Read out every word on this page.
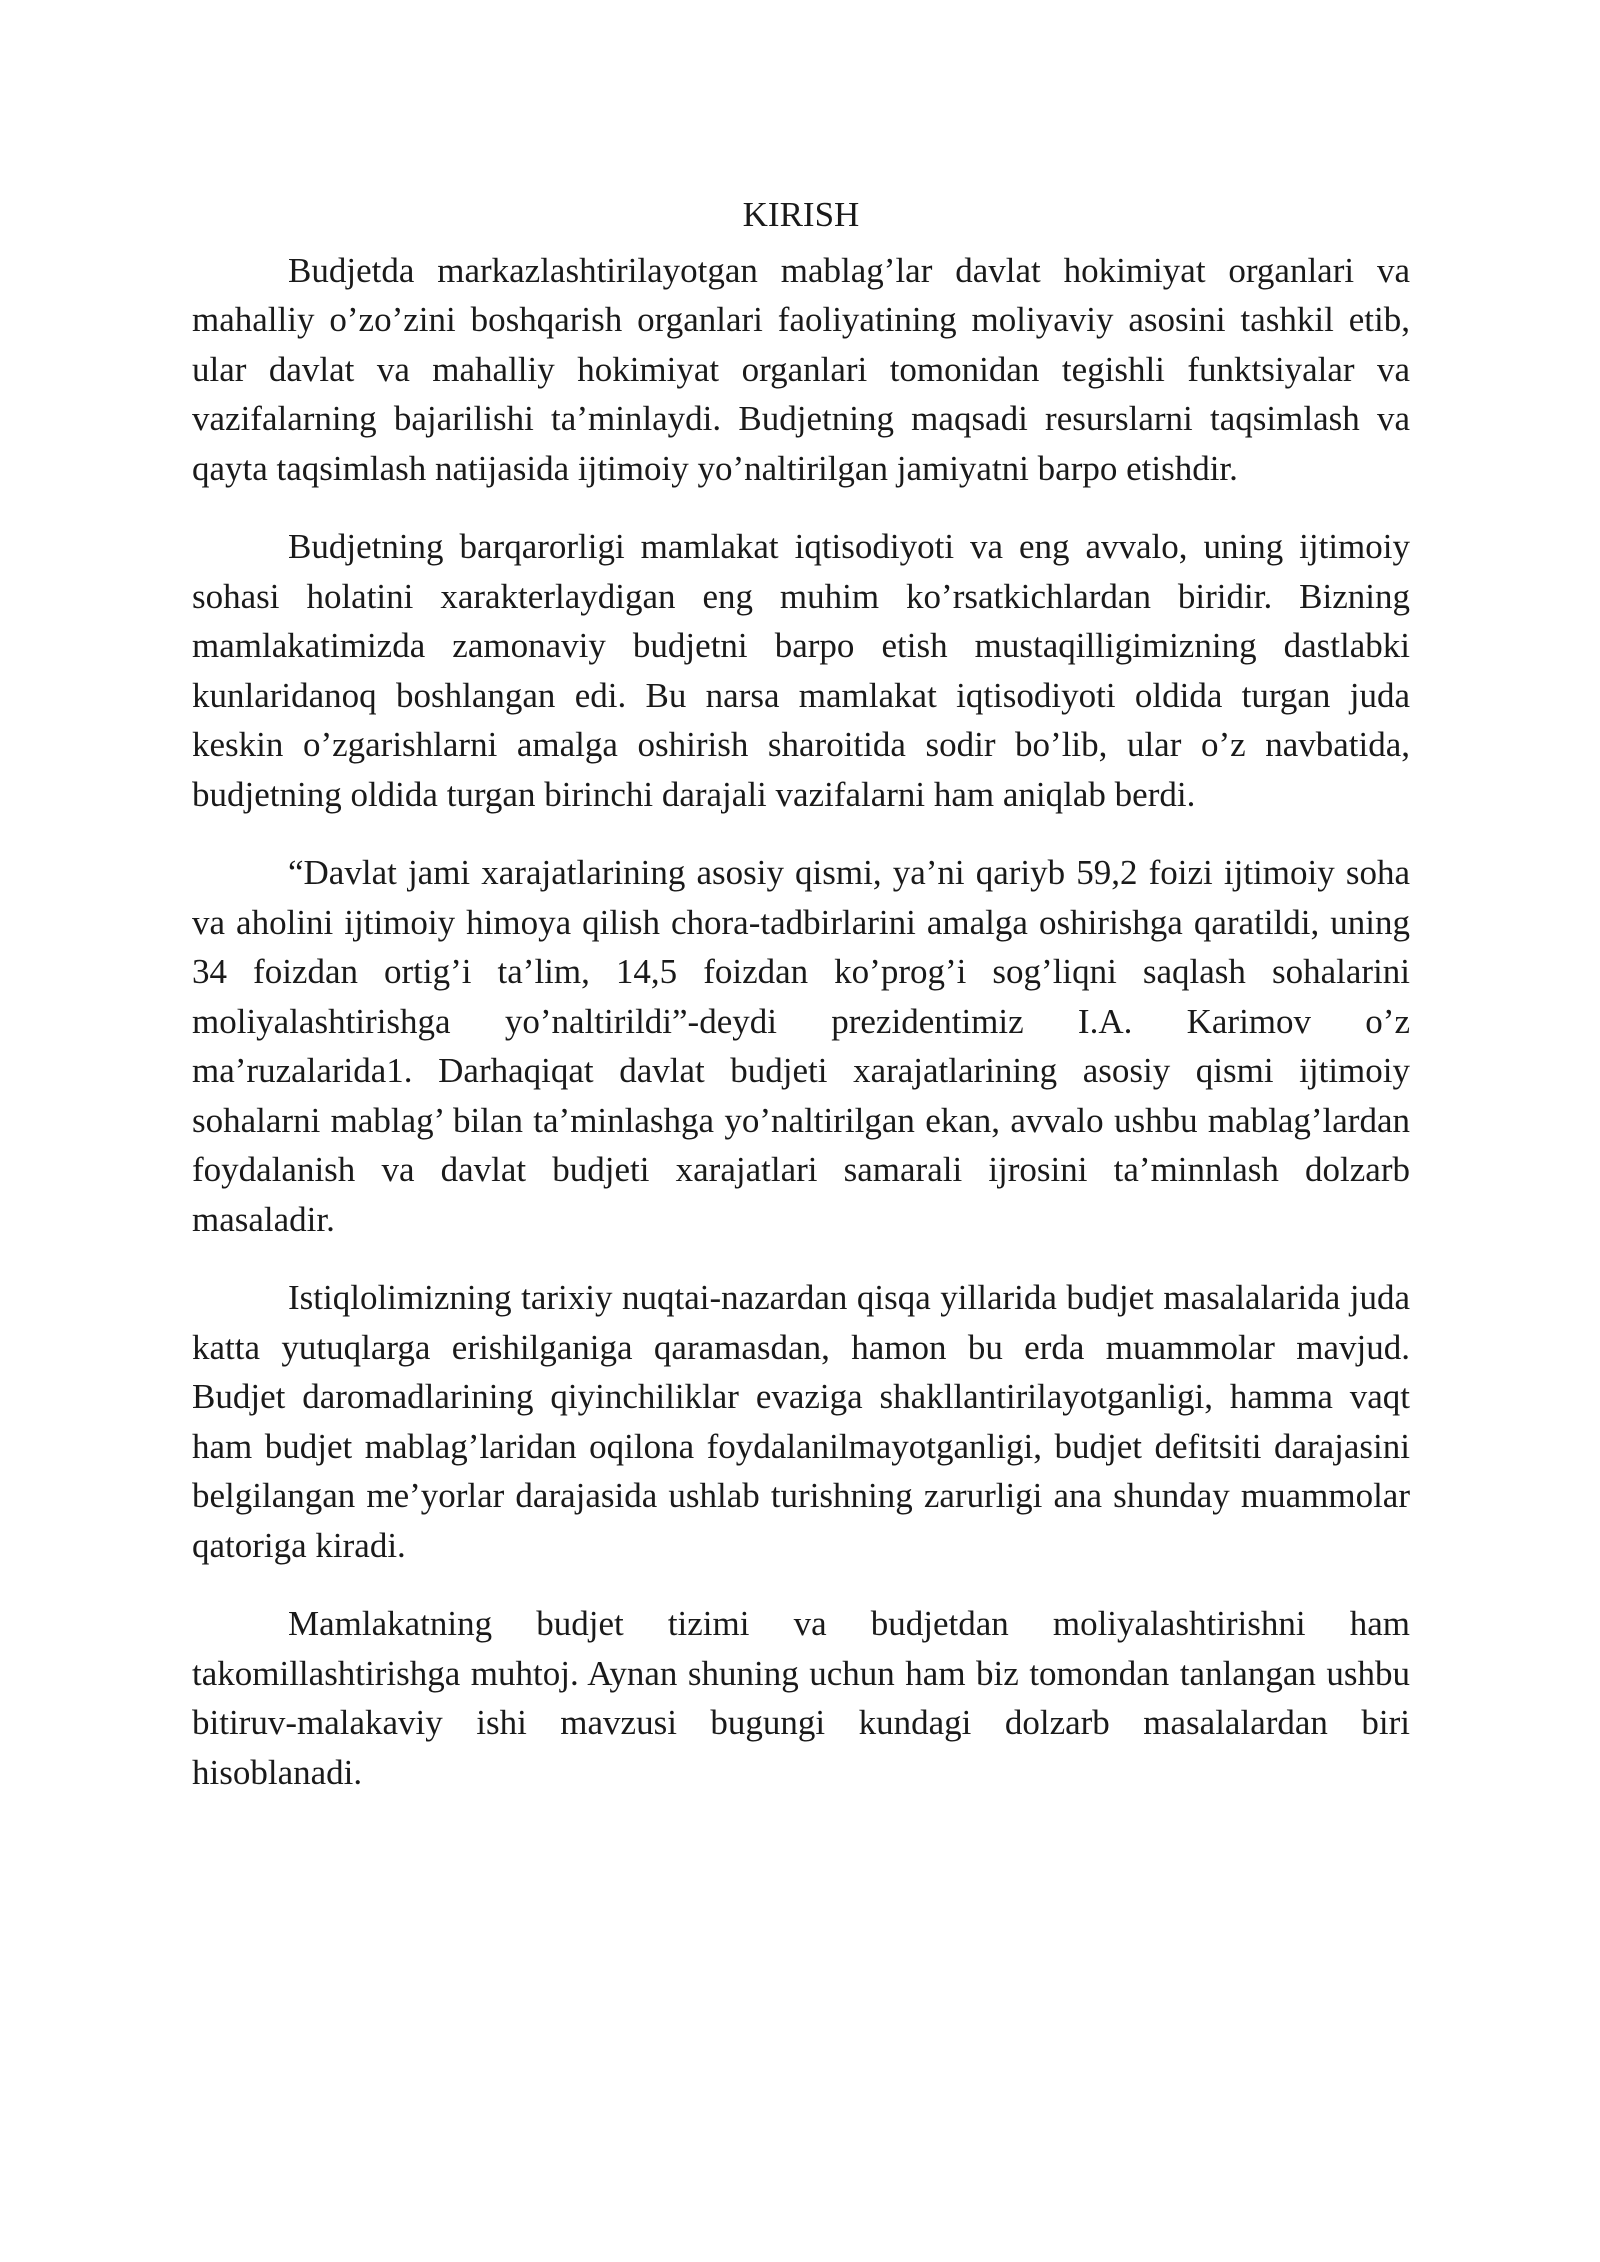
KIRISH

Budjetda markazlashtirilayotgan mablag’lar davlat hokimiyat organlari va mahalliy o’zo’zini boshqarish organlari faoliyatining moliyaviy asosini tashkil etib, ular davlat va mahalliy hokimiyat organlari tomonidan tegishli funktsiyalar va vazifalarning bajarilishi ta’minlaydi. Budjetning maqsadi resurslarni taqsimlash va qayta taqsimlash natijasida ijtimoiy yo’naltirilgan jamiyatni barpo etishdir.

Budjetning barqarorligi mamlakat iqtisodiyoti va eng avvalo, uning ijtimoiy sohasi holatini xarakterlaydigan eng muhim ko’rsatkichlardan biridir. Bizning mamlakatimizda zamonaviy budjetni barpo etish mustaqilligimizning dastlabki kunlaridanoq boshlangan edi. Bu narsa mamlakat iqtisodiyoti oldida turgan juda keskin o’zgarishlarni amalga oshirish sharoitida sodir bo’lib, ular o’z navbatida, budjetning oldida turgan birinchi darajali vazifalarni ham aniqlab berdi.

“Davlat jami xarajatlarining asosiy qismi, ya’ni qariyb 59,2 foizi ijtimoiy soha va aholini ijtimoiy himoya qilish chora-tadbirlarini amalga oshirishga qaratildi, uning 34 foizdan ortig’i ta’lim, 14,5 foizdan ko’prog’i sog’liqni saqlash sohalarini moliyalashtirishga yo’naltirildi”-deydi prezidentimiz I.A. Karimov o’z ma’ruzalarida1. Darhaqiqat davlat budjeti xarajatlarining asosiy qismi ijtimoiy sohalarni mablag’ bilan ta’minlashga yo’naltirilgan ekan, avvalo ushbu mablag’lardan foydalanish va davlat budjeti xarajatlari samarali ijrosini ta’minnlash dolzarb masaladir.

Istiqlolimizning tarixiy nuqtai-nazardan qisqa yillarida budjet masalalarida juda katta yutuqlarga erishilganiga qaramasdan, hamon bu erda muammolar mavjud. Budjet daromadlarining qiyinchiliklar evaziga shakllantirilayotganligi, hamma vaqt ham budjet mablag’laridan oqilona foydalanilmayotganligi, budjet defitsiti darajasini belgilangan me’yorlar darajasida ushlab turishning zarurligi ana shunday muammolar qatoriga kiradi.

Mamlakatning budjet tizimi va budjetdan moliyalashtirishni ham takomillashtirishga muhtoj. Aynan shuning uchun ham biz tomondan tanlangan ushbu bitiruv-malakaviy ishi mavzusi bugungi kundagi dolzarb masalalardan biri hisoblanadi.
